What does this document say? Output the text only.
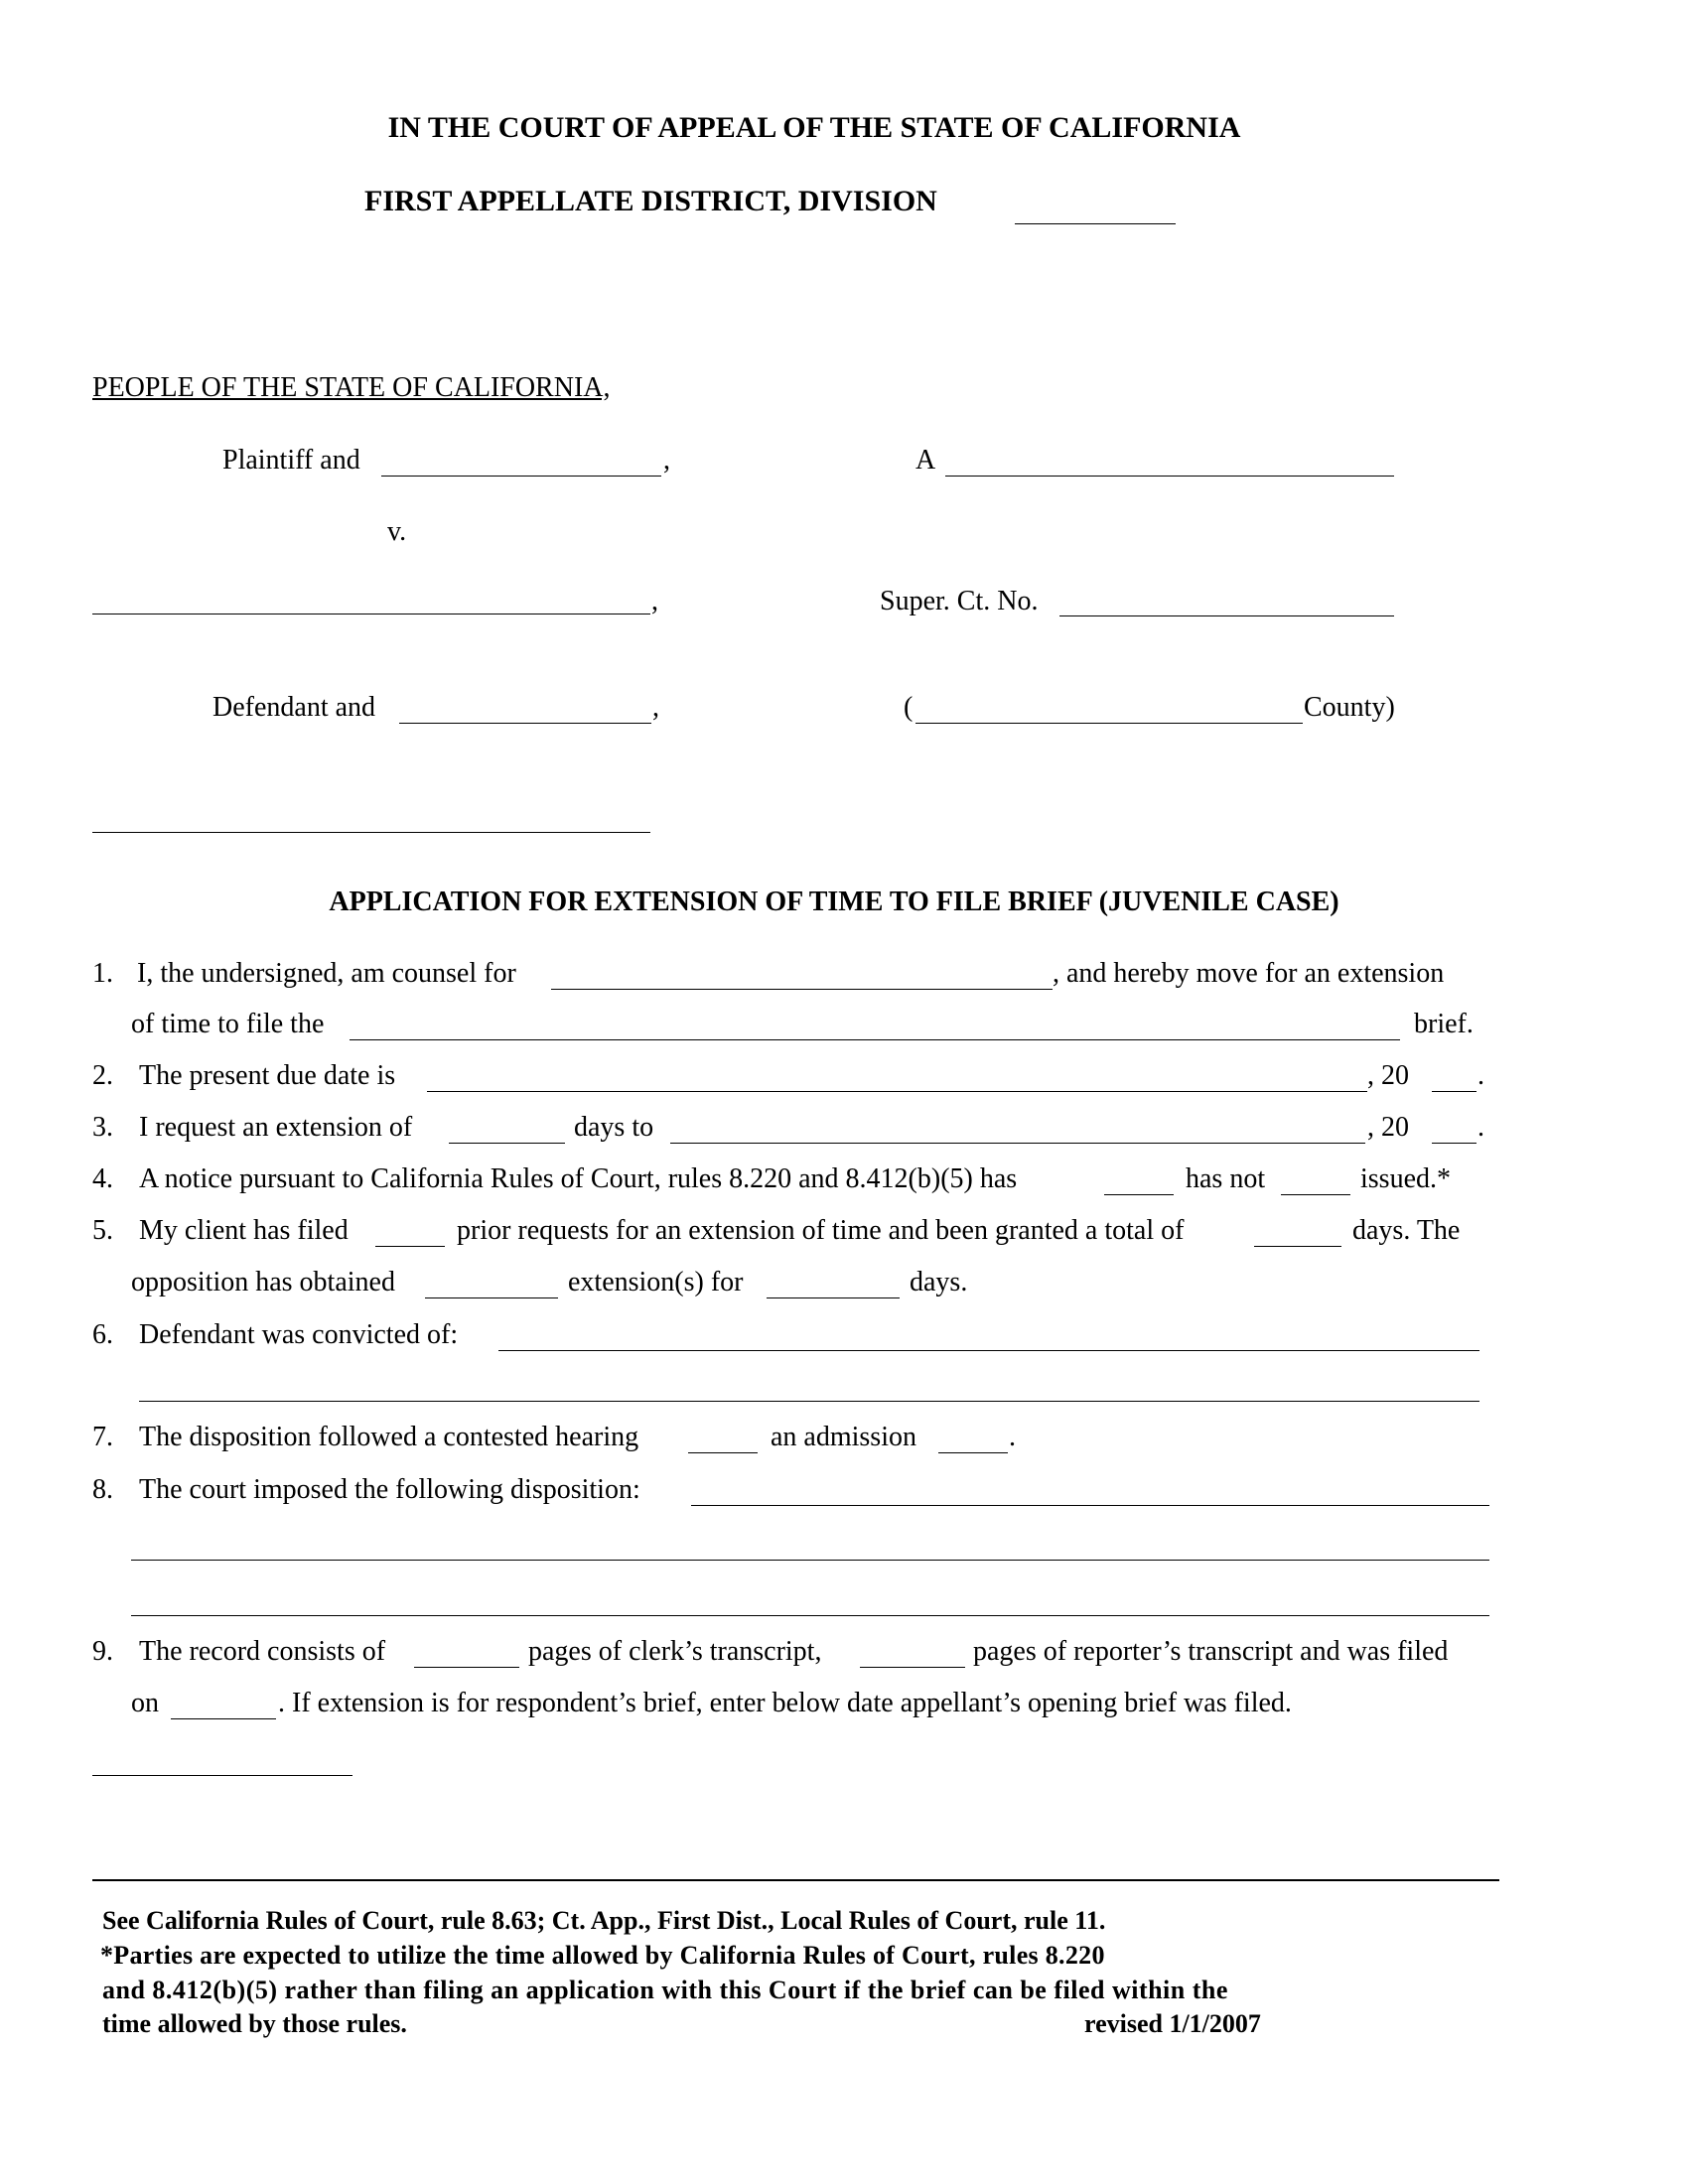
IN THE COURT OF APPEAL OF THE STATE OF CALIFORNIA
FIRST APPELLATE DISTRICT, DIVISION
PEOPLE OF THE STATE OF CALIFORNIA,
Plaintiff and	,	A
v.
,	Super. Ct. No.
Defendant and	,	(	County)
APPLICATION FOR EXTENSION OF TIME TO FILE BRIEF (JUVENILE CASE)
1. I, the undersigned, am counsel for	, and hereby move for an extension
of time to file the	brief.
2. The present due date is	, 20 .
3. I request an extension of	days to	, 20 .
4. A notice pursuant to California Rules of Court, rules 8.220 and 8.412(b)(5) has	has not	issued.*
5. My client has filed	prior requests for an extension of time and been granted a total of	days. The
opposition has obtained	extension(s) for	days.
6. Defendant was convicted of:
7. The disposition followed a contested hearing	an admission	.
8. The court imposed the following disposition:
9. The record consists of	pages of clerk’s transcript,	pages of reporter’s transcript and was filed
on	. If extension is for respondent’s brief, enter below date appellant’s opening brief was filed.
See California Rules of Court, rule 8.63; Ct. App., First Dist., Local Rules of Court, rule 11.
*Parties are expected to utilize the time allowed by California Rules of Court, rules 8.220
and 8.412(b)(5) rather than filing an application with this Court if the brief can be filed within the
time allowed by those rules.	revised 1/1/2007
